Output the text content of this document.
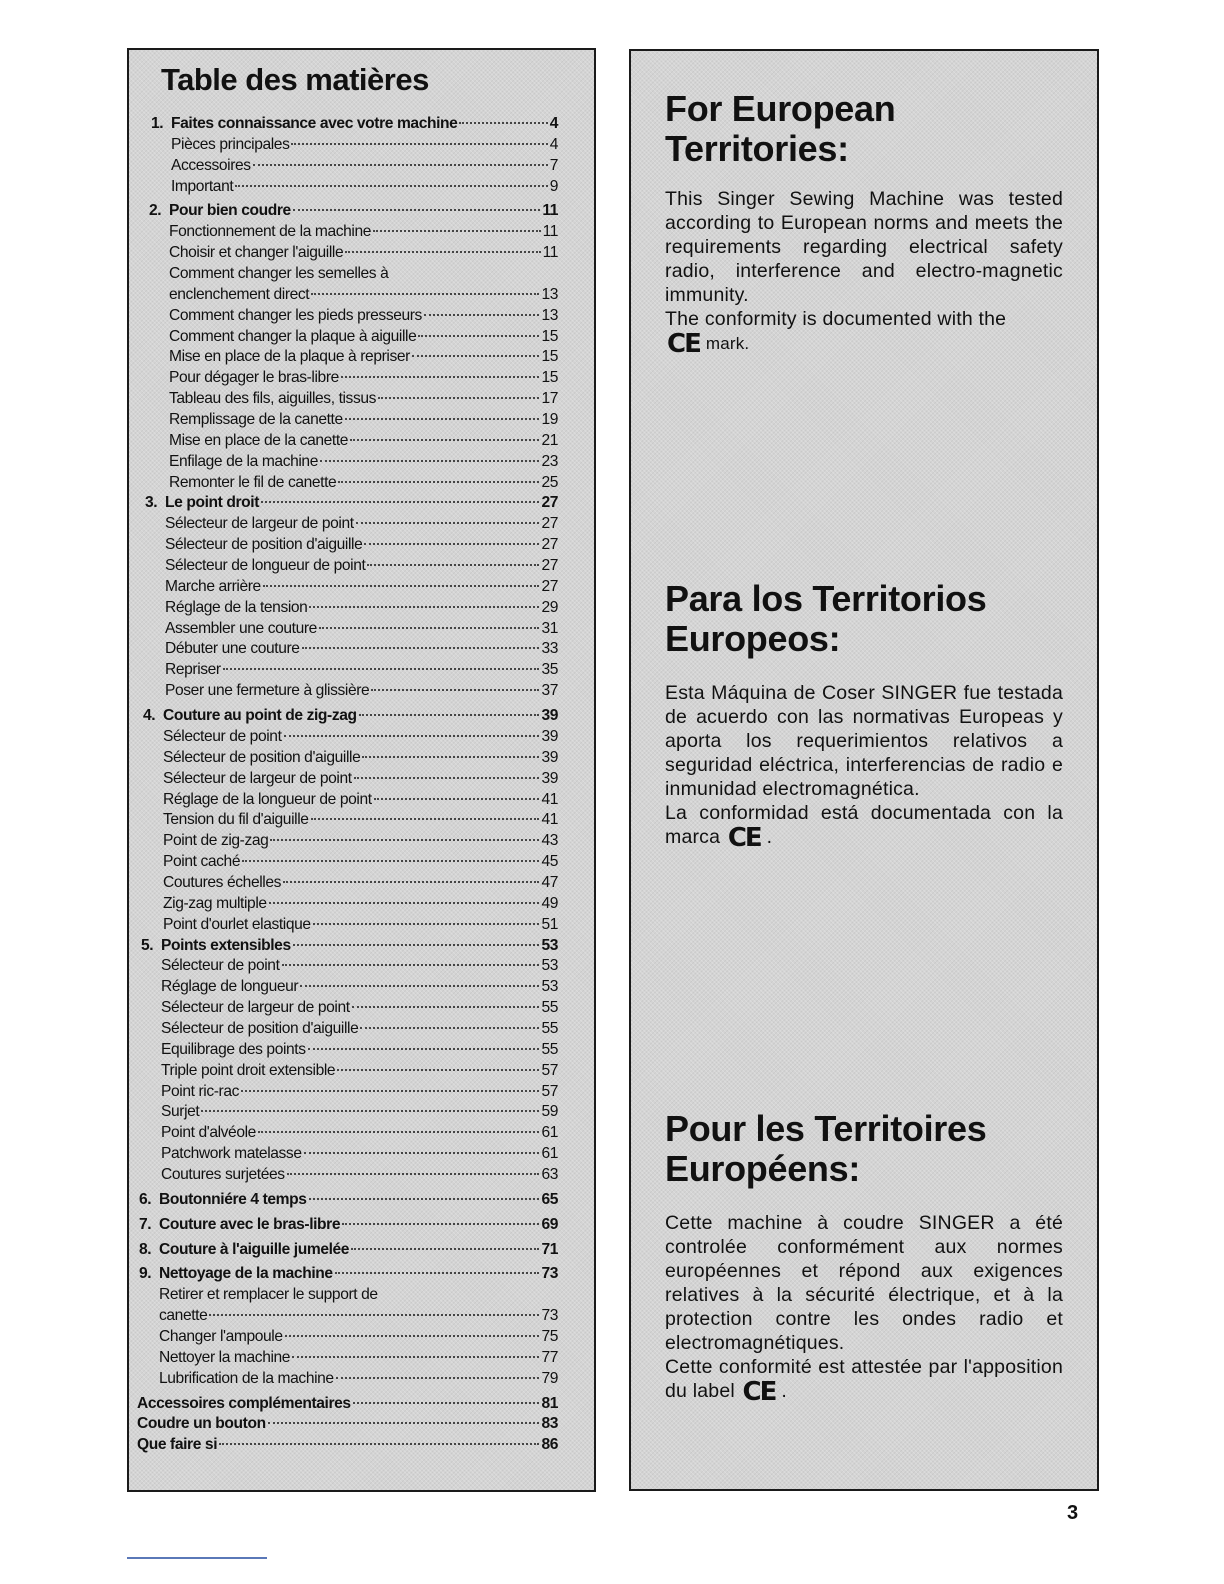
Table des matières
1. Faites connaissance avec votre machine	4
Pièces principales	4
Accessoires	7
Important	9
2. Pour bien coudre	11
Fonctionnement de la machine	11
Choisir et changer l'aiguille	11
Comment changer les semelles à
enclenchement direct	13
Comment changer les pieds presseurs	13
Comment changer la plaque à aiguille	15
Mise en place de la plaque à repriser	15
Pour dégager le bras-libre	15
Tableau des fils, aiguilles, tissus	17
Remplissage de la canette	19
Mise en place de la canette	21
Enfilage de la machine	23
Remonter le fil de canette	25
3. Le point droit	27
Sélecteur de largeur de point	27
Sélecteur de position d'aiguille	27
Sélecteur de longueur de point	27
Marche arrière	27
Réglage de la tension	29
Assembler une couture	31
Débuter une couture	33
Repriser	35
Poser une fermeture à glissière	37
4. Couture au point de zig-zag	39
Sélecteur de point	39
Sélecteur de position d'aiguille	39
Sélecteur de largeur de point	39
Réglage de la longueur de point	41
Tension du fil d'aiguille	41
Point de zig-zag	43
Point caché	45
Coutures échelles	47
Zig-zag multiple	49
Point d'ourlet elastique	51
5. Points extensibles	53
Sélecteur de point	53
Réglage de longueur	53
Sélecteur de largeur de point	55
Sélecteur de position d'aiguille	55
Equilibrage des points	55
Triple point droit extensible	57
Point ric-rac	57
Surjet	59
Point d'alvéole	61
Patchwork matelasse	61
Coutures surjetées	63
6. Boutonniére 4 temps	65
7. Couture avec le bras-libre	69
8. Couture à l'aiguille jumelée	71
9. Nettoyage de la machine	73
Retirer et remplacer le support de
canette	73
Changer l'ampoule	75
Nettoyer la machine	77
Lubrification de la machine	79
Accessoires complémentaires	81
Coudre un bouton	83
Que faire si	86
For European
Territories:

This Singer Sewing Machine was tested according to European norms and meets the requirements regarding electrical safety radio, interference and electro-magnetic immunity.

The conformity is documented with the
CE mark.

Para los Territorios
Europeos:

Esta Máquina de Coser SINGER fue testada de acuerdo con las normativas Europeas y aporta los requerimientos relativos a seguridad eléctrica, interferencias de radio e inmunidad electromagnética.

La conformidad está documentada con la marca CE .

Pour les Territoires
Européens:

Cette machine à coudre SINGER a été controlée conformément aux normes européennes et répond aux exigences relatives à la sécurité électrique, et à la protection contre les ondes radio et electromagnétiques.

Cette conformité est attestée par l'apposition du label CE .

3
